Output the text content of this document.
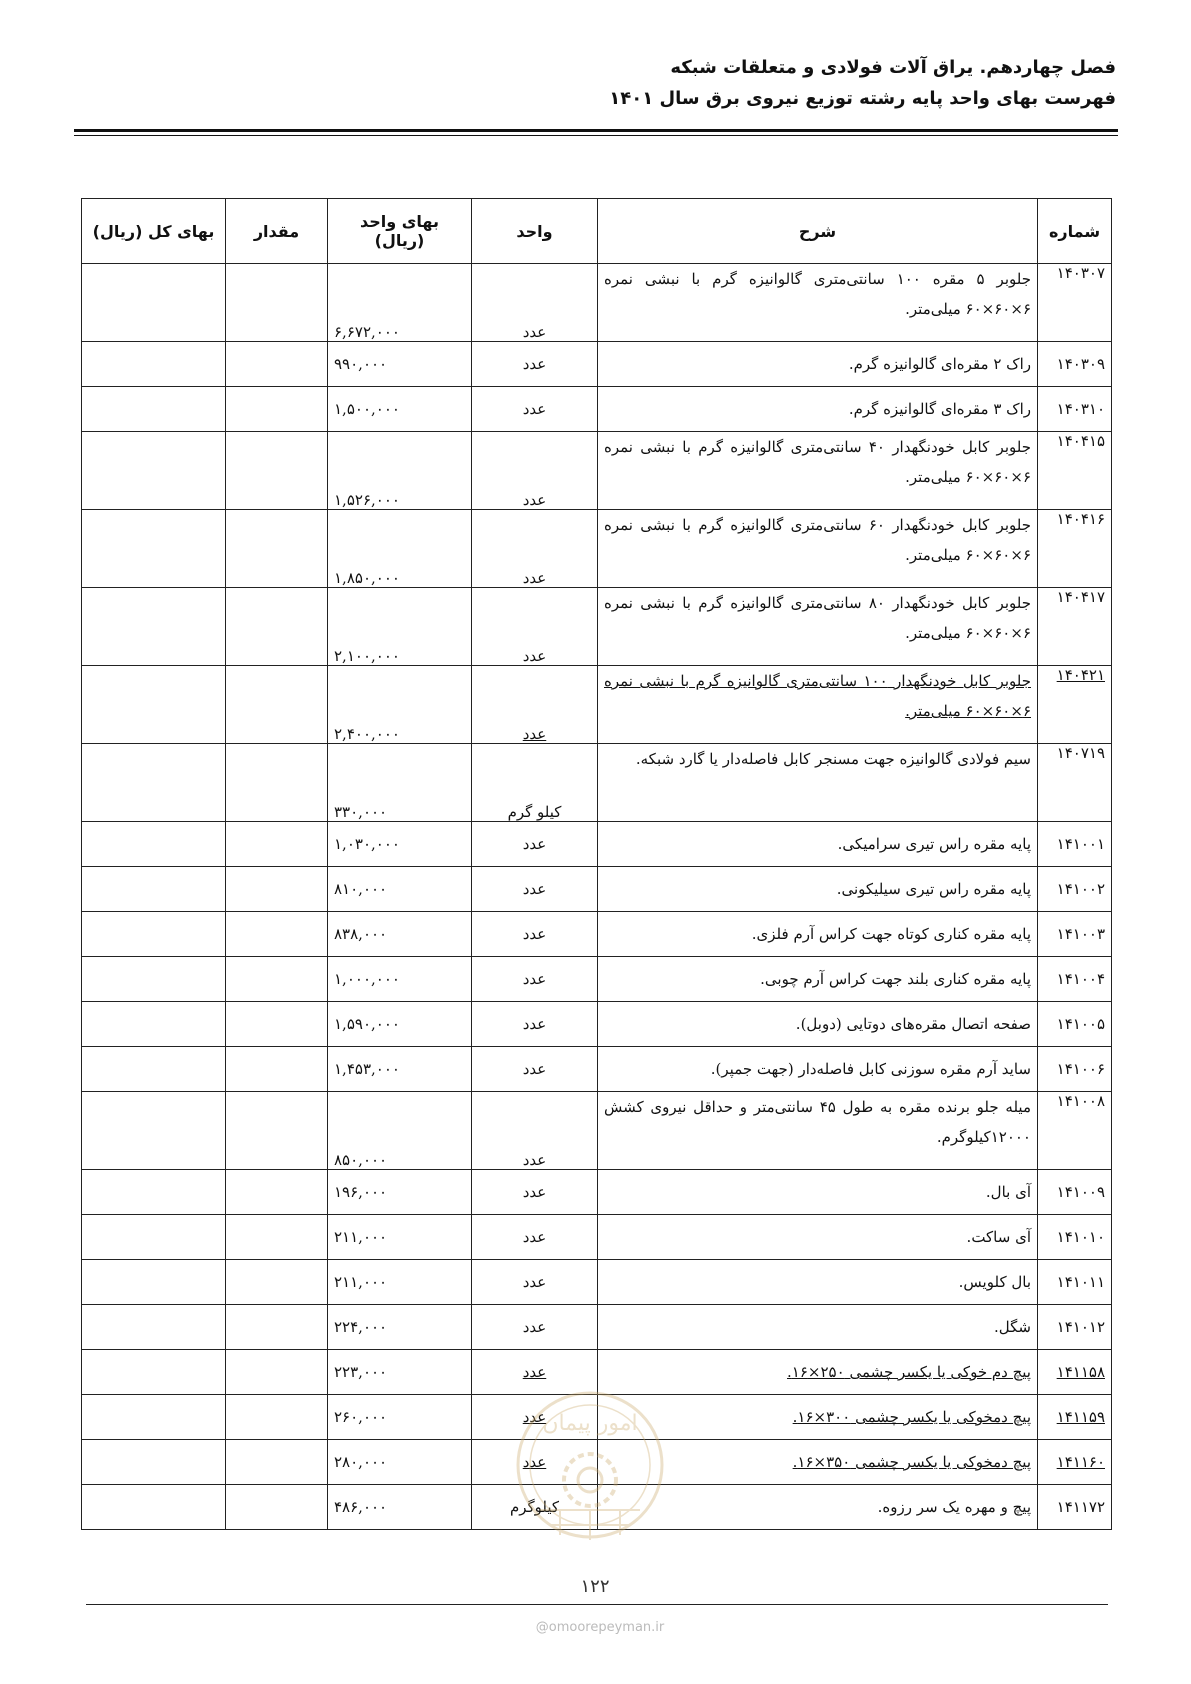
فصل چهاردهم. یراق آلات فولادی و متعلقات شبکه
فهرست بهای واحد پایه رشته توزیع نیروی برق سال ۱۴۰۱
شماره	شرح	واحد	بهای واحد (ریال)	مقدار	بهای کل (ریال)
۱۴۰۳۰۷	جلوبر ۵ مقره ۱۰۰ سانتی‌متری گالوانیزه گرم با نبشی نمره ۶×۶۰×۶۰ میلی‌متر.	عدد	۶,۶۷۲,۰۰۰		
۱۴۰۳۰۹	راک ۲ مقره‌ای گالوانیزه گرم.	عدد	۹۹۰,۰۰۰		
۱۴۰۳۱۰	راک ۳ مقره‌ای گالوانیزه گرم.	عدد	۱,۵۰۰,۰۰۰		
۱۴۰۴۱۵	جلوبر کابل خودنگهدار ۴۰ سانتی‌متری گالوانیزه گرم با نبشی نمره ۶×۶۰×۶۰ میلی‌متر.	عدد	۱,۵۲۶,۰۰۰		
۱۴۰۴۱۶	جلوبر کابل خودنگهدار ۶۰ سانتی‌متری گالوانیزه گرم با نبشی نمره ۶×۶۰×۶۰ میلی‌متر.	عدد	۱,۸۵۰,۰۰۰		
۱۴۰۴۱۷	جلوبر کابل خودنگهدار ۸۰ سانتی‌متری گالوانیزه گرم با نبشی نمره ۶×۶۰×۶۰ میلی‌متر.	عدد	۲,۱۰۰,۰۰۰		
۱۴۰۴۲۱	جلوبر کابل خودنگهدار ۱۰۰ سانتی‌متری گالوانیزه گرم با نبشی نمره ۶×۶۰×۶۰ میلی‌متر.	عدد	۲,۴۰۰,۰۰۰		
۱۴۰۷۱۹	سیم فولادی گالوانیزه جهت مسنجر کابل فاصله‌دار یا گارد شبکه.	کیلو گرم	۳۳۰,۰۰۰		
۱۴۱۰۰۱	پایه مقره راس تیری سرامیکی.	عدد	۱,۰۳۰,۰۰۰		
۱۴۱۰۰۲	پایه مقره راس تیری سیلیکونی.	عدد	۸۱۰,۰۰۰		
۱۴۱۰۰۳	پایه مقره کناری کوتاه جهت کراس آرم فلزی.	عدد	۸۳۸,۰۰۰		
۱۴۱۰۰۴	پایه مقره کناری بلند جهت کراس آرم چوبی.	عدد	۱,۰۰۰,۰۰۰		
۱۴۱۰۰۵	صفحه اتصال مقره‌های دوتایی (دوبل).	عدد	۱,۵۹۰,۰۰۰		
۱۴۱۰۰۶	ساید آرم مقره سوزنی کابل فاصله‌دار (جهت جمپر).	عدد	۱,۴۵۳,۰۰۰		
۱۴۱۰۰۸	میله جلو برنده مقره به طول ۴۵ سانتی‌متر و حداقل نیروی کشش ۱۲۰۰۰کیلوگرم.	عدد	۸۵۰,۰۰۰		
۱۴۱۰۰۹	آی بال.	عدد	۱۹۶,۰۰۰		
۱۴۱۰۱۰	آی ساکت.	عدد	۲۱۱,۰۰۰		
۱۴۱۰۱۱	بال کلویس.	عدد	۲۱۱,۰۰۰		
۱۴۱۰۱۲	شگل.	عدد	۲۲۴,۰۰۰		
۱۴۱۱۵۸	پیچ دم خوکی یا یکسر چشمی ۲۵۰×۱۶.	عدد	۲۲۳,۰۰۰		
۱۴۱۱۵۹	پیچ دمخوکی یا یکسر چشمی ۳۰۰×۱۶.	عدد	۲۶۰,۰۰۰		
۱۴۱۱۶۰	پیچ دمخوکی یا یکسر چشمی ۳۵۰×۱۶.	عدد	۲۸۰,۰۰۰		
۱۴۱۱۷۲	پیچ و مهره یک سر رزوه.	کیلوگرم	۴۸۶,۰۰۰		
امور پیمان
۱۲۲
@omoorepeyman.ir
